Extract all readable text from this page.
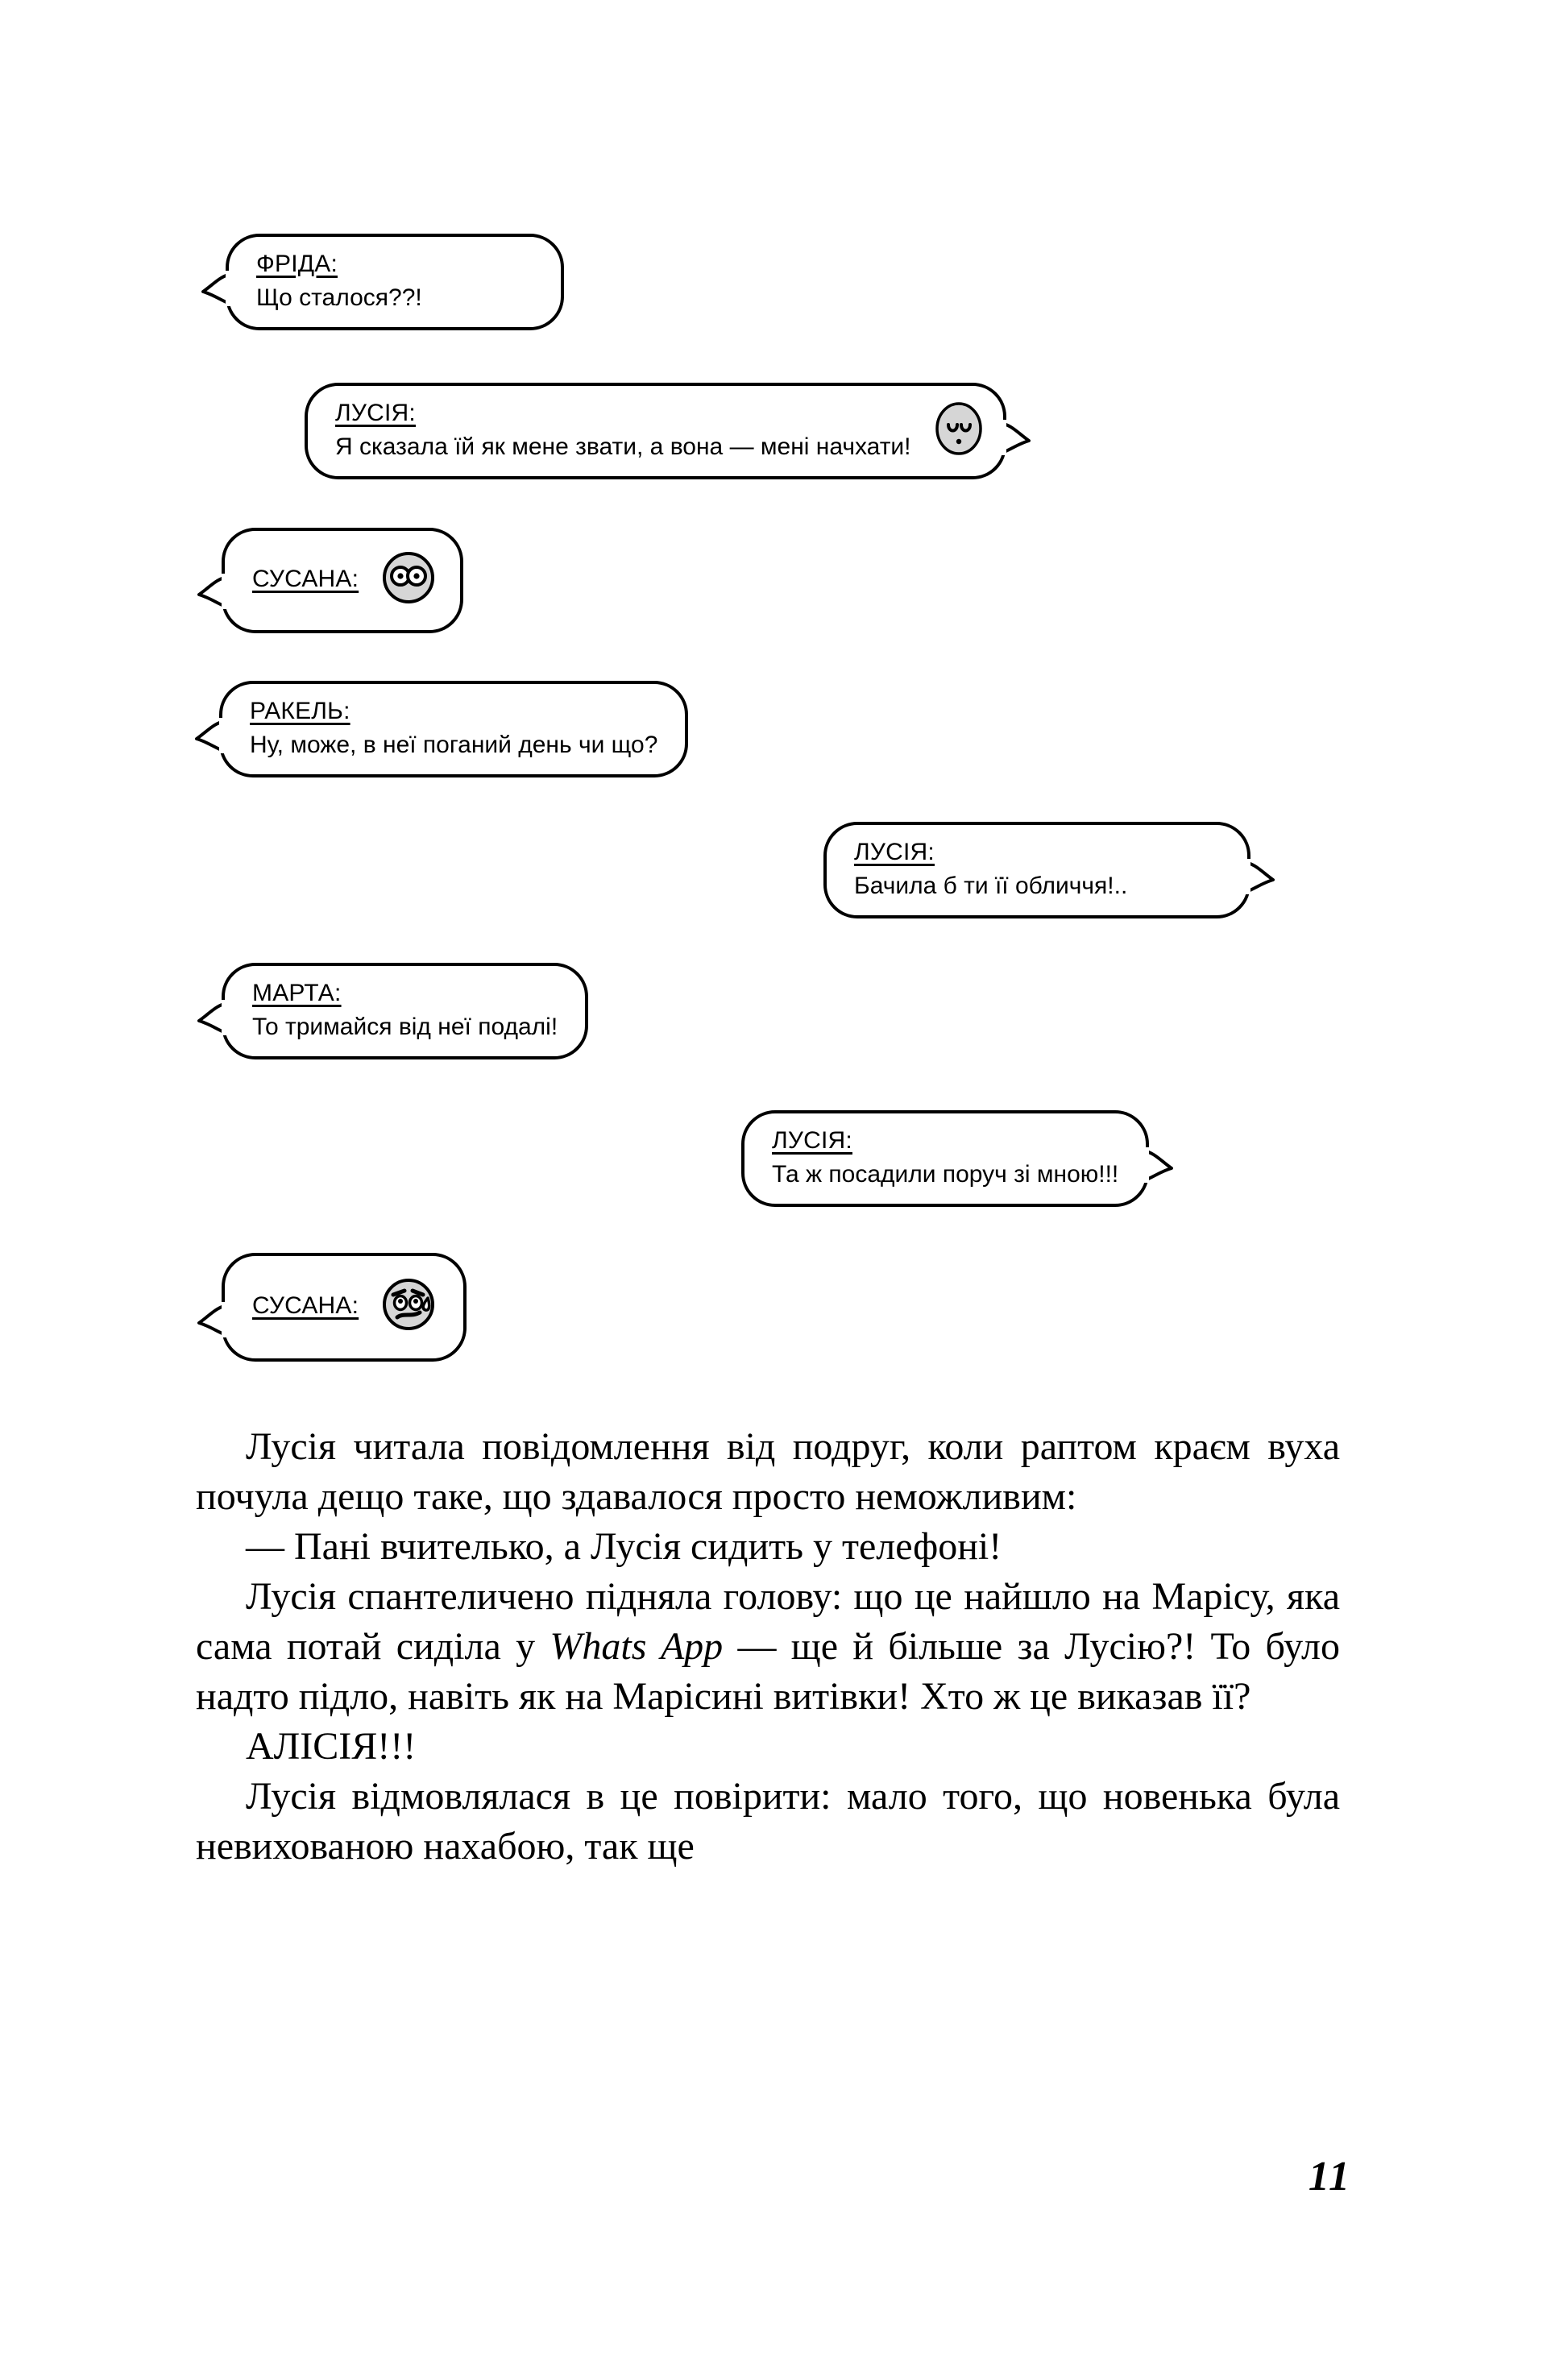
ФРІДА:
Що сталося??!
ЛУСІЯ:
Я сказала їй як мене звати, а вона — мені начхати!
СУСАНА:
РАКЕЛЬ:
Ну, може, в неї поганий день чи що?
ЛУСІЯ:
Бачила б ти її обличчя!..
МАРТА:
То тримайся від неї подалі!
ЛУСІЯ:
Та ж посадили поруч зі мною!!!
СУСАНА:

Лусія читала повідомлення від подруг, коли раптом краєм вуха почула дещо таке, що здавалося просто неможливим:

— Пані вчителько, а Лусія сидить у телефоні!

Лусія спантеличено підняла голову: що це найшло на Марісу, яка сама потай сиділа у Whats App — ще й більше за Лусію?! То було надто підло, навіть як на Марісині витівки! Хто ж це виказав її?

АЛІСІЯ!!!

Лусія відмовлялася в це повірити: мало того, що новенька була невихованою нахабою, так ще

11
